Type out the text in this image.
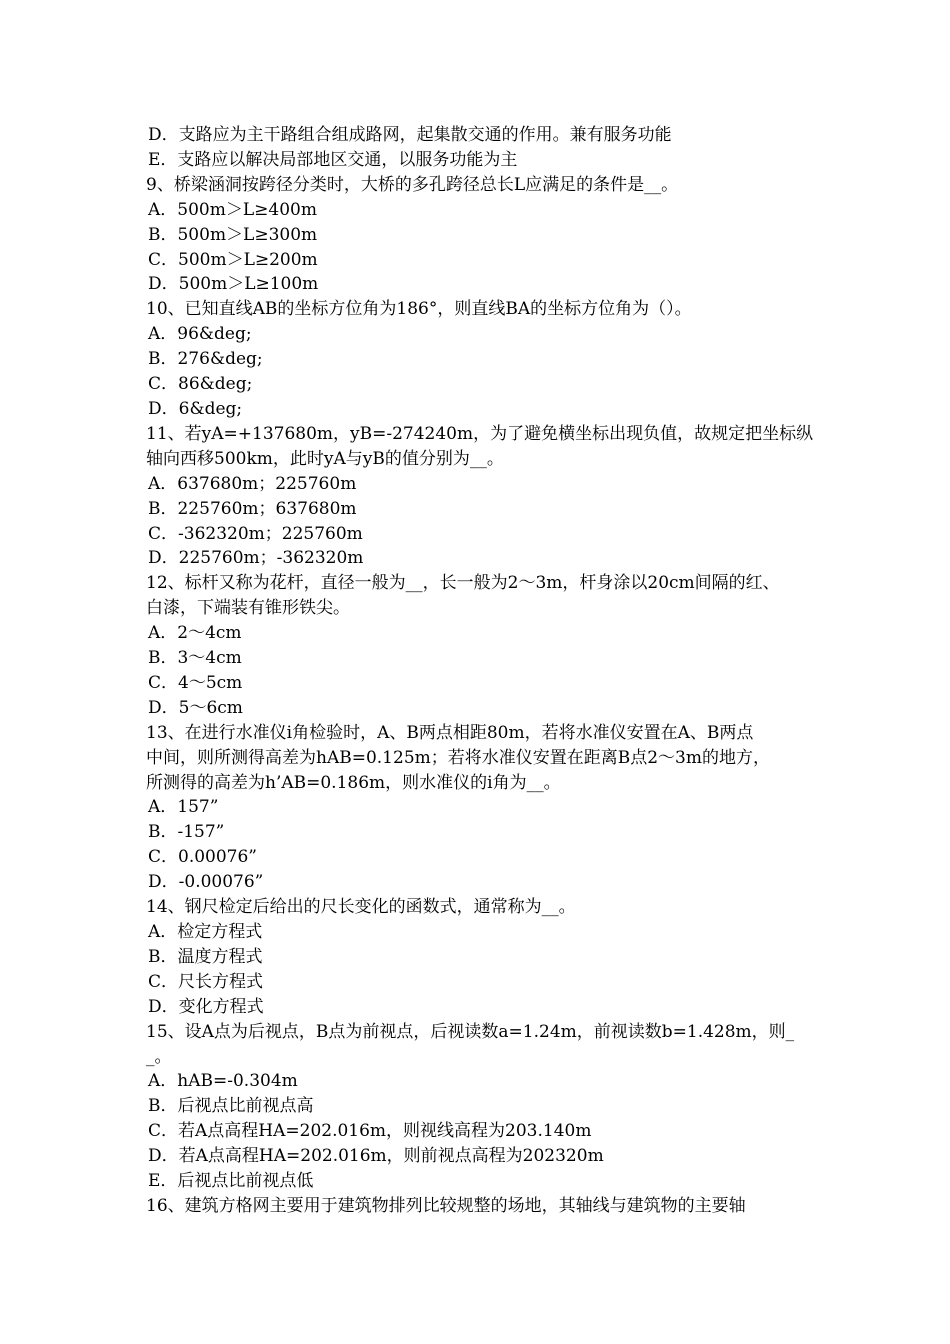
D．支路应为主干路组合组成路网，起集散交通的作用。兼有服务功能
E．支路应以解决局部地区交通，以服务功能为主
9、桥梁涵洞按跨径分类时，大桥的多孔跨径总长L应满足的条件是__。
A．500m＞L≥400m
B．500m＞L≥300m
C．500m＞L≥200m
D．500m＞L≥100m
10、已知直线AB的坐标方位角为186°，则直线BA的坐标方位角为（）。
A．96&deg;
B．276&deg;
C．86&deg;
D．6&deg;
11、若yA=+137680m，yB=-274240m，为了避免横坐标出现负值，故规定把坐标纵
轴向西移500km，此时yA与yB的值分别为__。
A．637680m；225760m
B．225760m；637680m
C．-362320m；225760m
D．225760m；-362320m
12、标杆又称为花杆，直径一般为__，长一般为2～3m，杆身涂以20cm间隔的红、
白漆，下端装有锥形铁尖。
A．2～4cm
B．3～4cm
C．4～5cm
D．5～6cm
13、在进行水准仪i角检验时，A、B两点相距80m，若将水准仪安置在A、B两点
中间，则所测得高差为hAB=0.125m；若将水准仪安置在距离B点2～3m的地方，
所测得的高差为h’AB=0.186m，则水准仪的i角为__。
A．157”
B．-157”
C．0.00076”
D．-0.00076”
14、钢尺检定后给出的尺长变化的函数式，通常称为__。
A．检定方程式
B．温度方程式
C．尺长方程式
D．变化方程式
15、设A点为后视点，B点为前视点，后视读数a=1.24m，前视读数b=1.428m，则_
_。
A．hAB=-0.304m
B．后视点比前视点高
C．若A点高程HA=202.016m，则视线高程为203.140m
D．若A点高程HA=202.016m，则前视点高程为202320m
E．后视点比前视点低
16、建筑方格网主要用于建筑物排列比较规整的场地，其轴线与建筑物的主要轴
